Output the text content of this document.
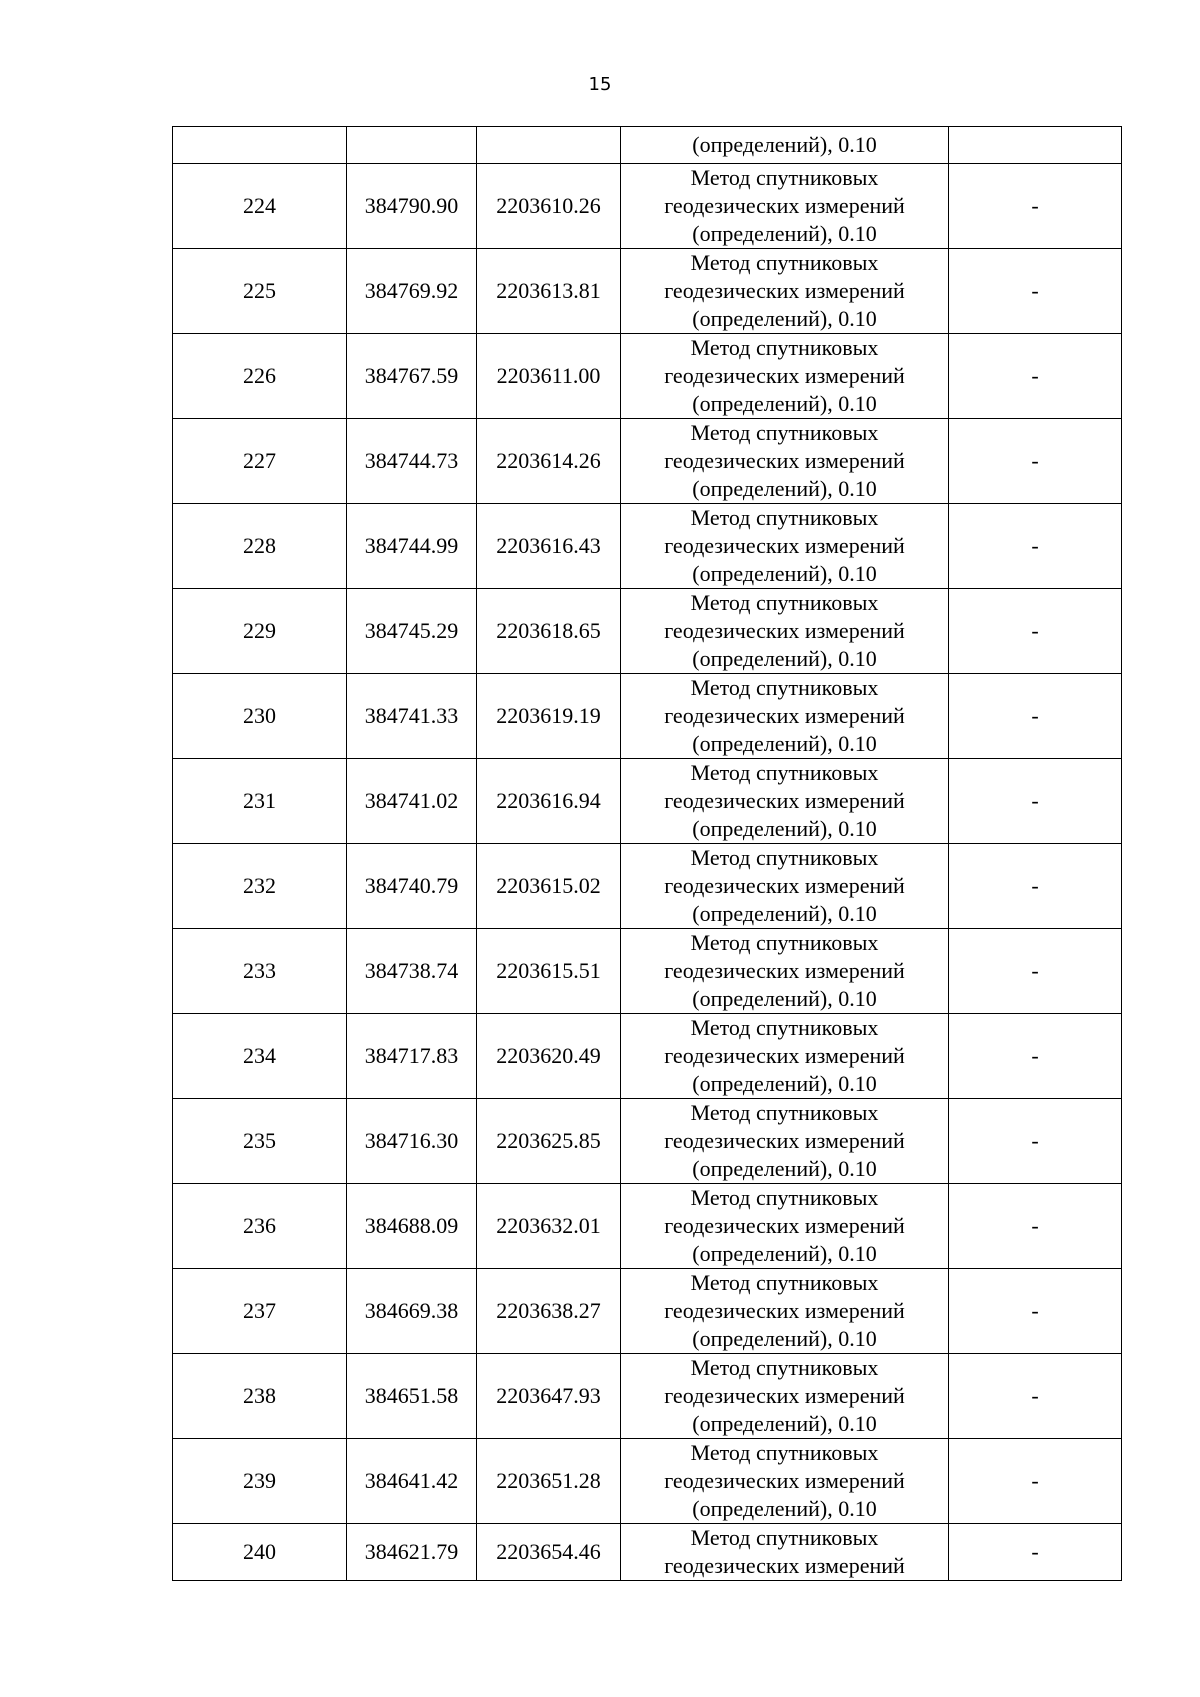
15

			(определений), 0.10	

224	384790.90	2203610.26	Метод спутниковых
геодезических измерений
(определений), 0.10	-
225	384769.92	2203613.81	Метод спутниковых
геодезических измерений
(определений), 0.10	-
226	384767.59	2203611.00	Метод спутниковых
геодезических измерений
(определений), 0.10	-
227	384744.73	2203614.26	Метод спутниковых
геодезических измерений
(определений), 0.10	-
228	384744.99	2203616.43	Метод спутниковых
геодезических измерений
(определений), 0.10	-
229	384745.29	2203618.65	Метод спутниковых
геодезических измерений
(определений), 0.10	-
230	384741.33	2203619.19	Метод спутниковых
геодезических измерений
(определений), 0.10	-
231	384741.02	2203616.94	Метод спутниковых
геодезических измерений
(определений), 0.10	-
232	384740.79	2203615.02	Метод спутниковых
геодезических измерений
(определений), 0.10	-
233	384738.74	2203615.51	Метод спутниковых
геодезических измерений
(определений), 0.10	-
234	384717.83	2203620.49	Метод спутниковых
геодезических измерений
(определений), 0.10	-
235	384716.30	2203625.85	Метод спутниковых
геодезических измерений
(определений), 0.10	-
236	384688.09	2203632.01	Метод спутниковых
геодезических измерений
(определений), 0.10	-
237	384669.38	2203638.27	Метод спутниковых
геодезических измерений
(определений), 0.10	-
238	384651.58	2203647.93	Метод спутниковых
геодезических измерений
(определений), 0.10	-
239	384641.42	2203651.28	Метод спутниковых
геодезических измерений
(определений), 0.10	-
240	384621.79	2203654.46	Метод спутниковых
геодезических измерений	-
